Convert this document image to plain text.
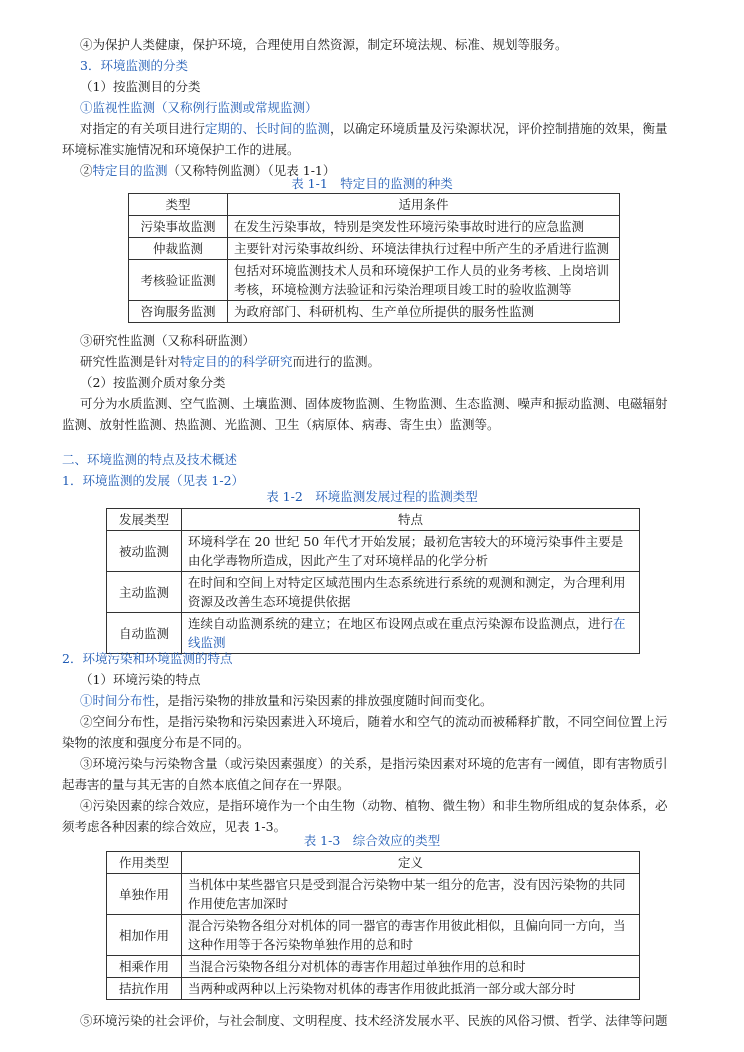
④为保护人类健康，保护环境，合理使用自然资源，制定环境法规、标准、规划等服务。
3．环境监测的分类
（1）按监测目的分类
①监视性监测（又称例行监测或常规监测）
对指定的有关项目进行定期的、长时间的监测，以确定环境质量及污染源状况，评价控制措施的效果，衡量
环境标准实施情况和环境保护工作的进展。
②特定目的监测（又称特例监测）（见表 1-1）
表 1-1　特定目的监测的种类
类型	适用条件
污染事故监测	在发生污染事故，特别是突发性环境污染事故时进行的应急监测
仲裁监测	主要针对污染事故纠纷、环境法律执行过程中所产生的矛盾进行监测
考核验证监测	包括对环境监测技术人员和环境保护工作人员的业务考核、上岗培训考核，环境检测方法验证和污染治理项目竣工时的验收监测等
咨询服务监测	为政府部门、科研机构、生产单位所提供的服务性监测
③研究性监测（又称科研监测）
研究性监测是针对特定目的的科学研究而进行的监测。
（2）按监测介质对象分类
可分为水质监测、空气监测、土壤监测、固体废物监测、生物监测、生态监测、噪声和振动监测、电磁辐射
监测、放射性监测、热监测、光监测、卫生（病原体、病毒、寄生虫）监测等。
二、环境监测的特点及技术概述
1．环境监测的发展（见表 1-2）
表 1-2　环境监测发展过程的监测类型
发展类型	特点
被动监测	环境科学在 20 世纪 50 年代才开始发展；最初危害较大的环境污染事件主要是由化学毒物所造成，因此产生了对环境样品的化学分析
主动监测	在时间和空间上对特定区域范围内生态系统进行系统的观测和测定，为合理利用资源及改善生态环境提供依据
自动监测	连续自动监测系统的建立；在地区布设网点或在重点污染源布设监测点，进行在线监测
2．环境污染和环境监测的特点
（1）环境污染的特点
①时间分布性，是指污染物的排放量和污染因素的排放强度随时间而变化。
②空间分布性，是指污染物和污染因素进入环境后，随着水和空气的流动而被稀释扩散，不同空间位置上污
染物的浓度和强度分布是不同的。
③环境污染与污染物含量（或污染因素强度）的关系，是指污染因素对环境的危害有一阈值，即有害物质引
起毒害的量与其无害的自然本底值之间存在一界限。
④污染因素的综合效应，是指环境作为一个由生物（动物、植物、微生物）和非生物所组成的复杂体系，必
须考虑各种因素的综合效应，见表 1-3。
表 1-3　综合效应的类型
作用类型	定义
单独作用	当机体中某些器官只是受到混合污染物中某一组分的危害，没有因污染物的共同作用使危害加深时
相加作用	混合污染物各组分对机体的同一器官的毒害作用彼此相似，且偏向同一方向，当这种作用等于各污染物单独作用的总和时
相乘作用	当混合污染物各组分对机体的毒害作用超过单独作用的总和时
拮抗作用	当两种或两种以上污染物对机体的毒害作用彼此抵消一部分或大部分时
⑤环境污染的社会评价，与社会制度、文明程度、技术经济发展水平、民族的风俗习惯、哲学、法律等问题
